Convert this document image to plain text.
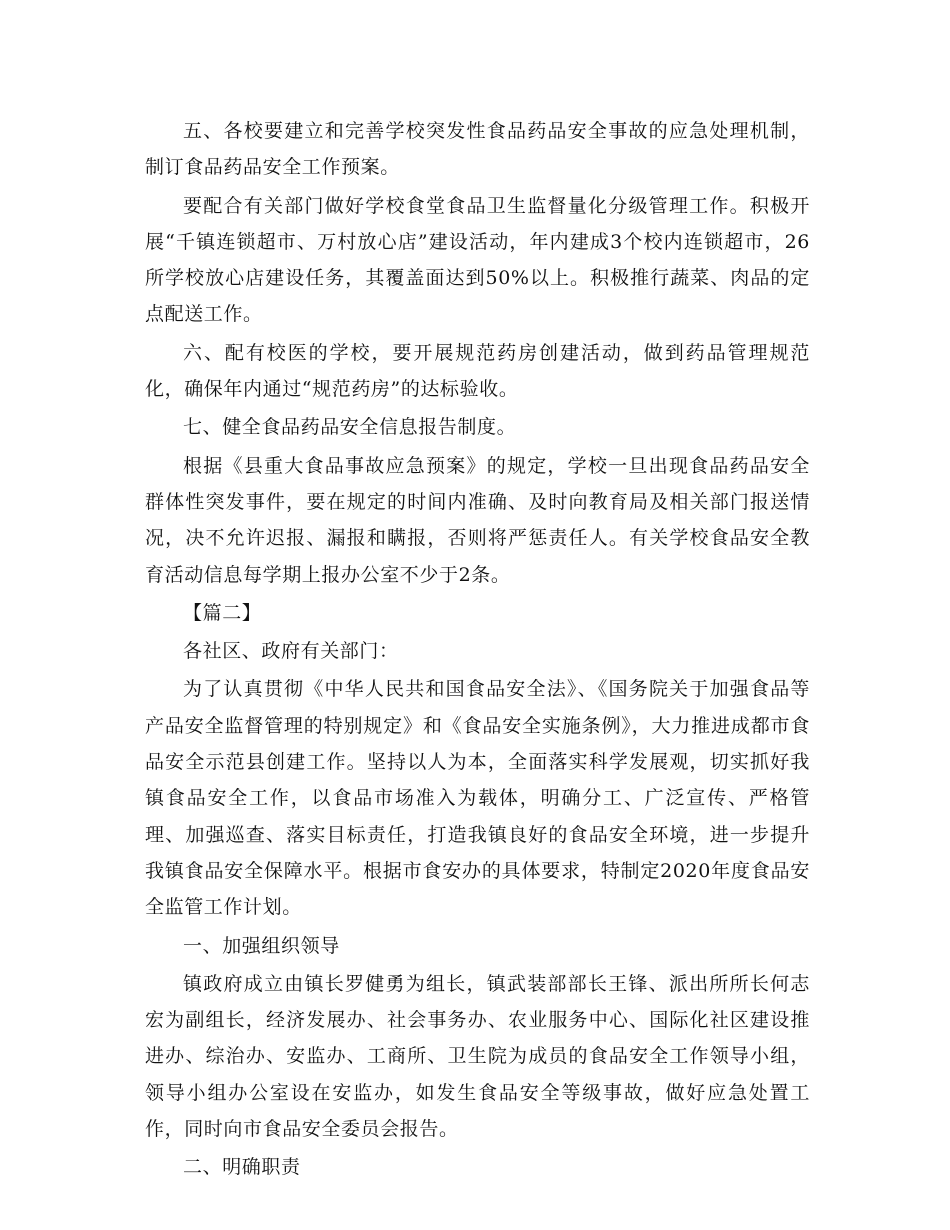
五、各校要建立和完善学校突发性食品药品安全事故的应急处理机制，制订食品药品安全工作预案。

要配合有关部门做好学校食堂食品卫生监督量化分级管理工作。积极开展“千镇连锁超市、万村放心店”建设活动，年内建成3个校内连锁超市，26所学校放心店建设任务，其覆盖面达到50%以上。积极推行蔬菜、肉品的定点配送工作。

六、配有校医的学校，要开展规范药房创建活动，做到药品管理规范化，确保年内通过“规范药房”的达标验收。

七、健全食品药品安全信息报告制度。

根据《县重大食品事故应急预案》的规定，学校一旦出现食品药品安全群体性突发事件，要在规定的时间内准确、及时向教育局及相关部门报送情况，决不允许迟报、漏报和瞒报，否则将严惩责任人。有关学校食品安全教育活动信息每学期上报办公室不少于2条。

【篇二】

各社区、政府有关部门：

为了认真贯彻《中华人民共和国食品安全法》、《国务院关于加强食品等产品安全监督管理的特别规定》和《食品安全实施条例》，大力推进成都市食品安全示范县创建工作。坚持以人为本，全面落实科学发展观，切实抓好我镇食品安全工作，以食品市场准入为载体，明确分工、广泛宣传、严格管理、加强巡查、落实目标责任，打造我镇良好的食品安全环境，进一步提升我镇食品安全保障水平。根据市食安办的具体要求，特制定2020年度食品安全监管工作计划。

一、加强组织领导

镇政府成立由镇长罗健勇为组长，镇武装部部长王锋、派出所所长何志宏为副组长，经济发展办、社会事务办、农业服务中心、国际化社区建设推进办、综治办、安监办、工商所、卫生院为成员的食品安全工作领导小组，领导小组办公室设在安监办，如发生食品安全等级事故，做好应急处置工作，同时向市食品安全委员会报告。

二、明确职责
